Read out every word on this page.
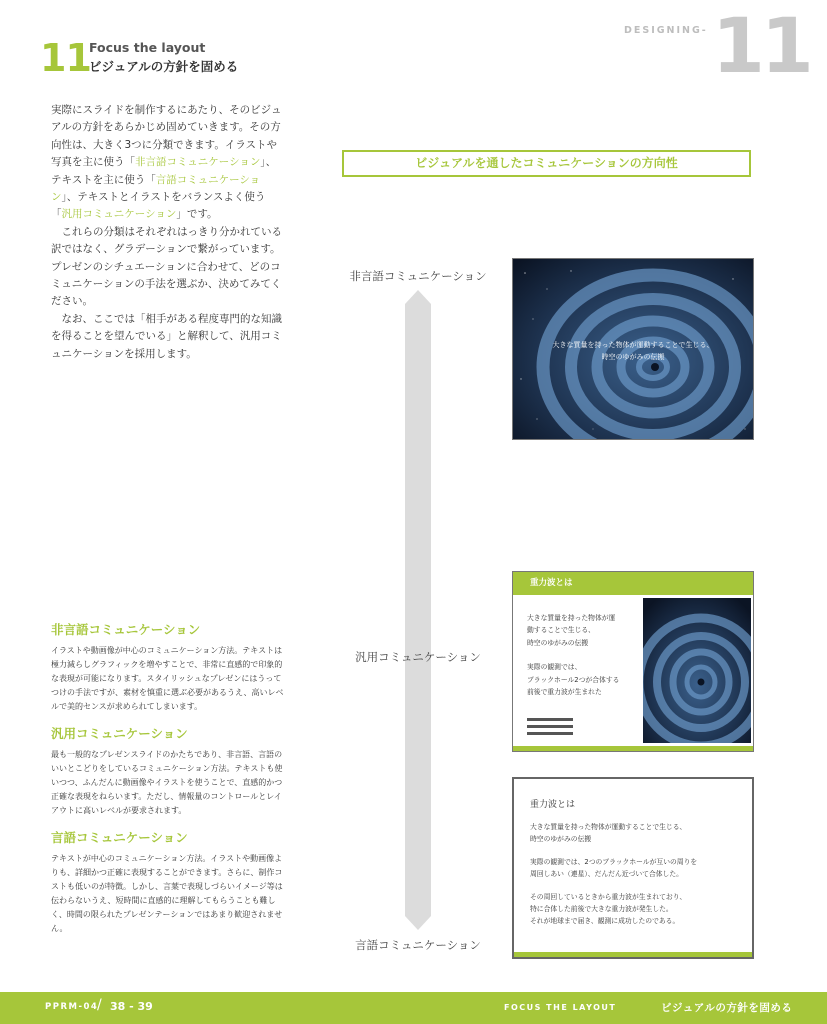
11
Focus the layout
ビジュアルの方針を固める
DESIGNING- 11

実際にスライドを制作するにあたり、そのビジュアルの方針をあらかじめ固めていきます。その方向性は、大きく3つに分類できます。イラストや写真を主に使う「非言語コミュニケーション」、テキストを主に使う「言語コミュニケーション」、テキストとイラストをバランスよく使う「汎用コミュニケーション」です。

これらの分類はそれぞれはっきり分かれている訳ではなく、グラデーションで繋がっています。プレゼンのシチュエーションに合わせて、どのコミュニケーションの手法を選ぶか、決めてみてください。

なお、ここでは「相手がある程度専門的な知識を得ることを望んでいる」と解釈して、汎用コミュニケーションを採用します。

非言語コミュニケーション
イラストや動画像が中心のコミュニケーション方法。テキストは極力減らしグラフィックを増やすことで、非常に直感的で印象的な表現が可能になります。スタイリッシュなプレゼンにはうってつけの手法ですが、素材を慎重に選ぶ必要があるうえ、高いレベルで美的センスが求められてしまいます。
汎用コミュニケーション
最も一般的なプレゼンスライドのかたちであり、非言語、言語のいいとこどりをしているコミュニケーション方法。テキストも使いつつ、ふんだんに動画像やイラストを使うことで、直感的かつ正確な表現をねらいます。ただし、情報量のコントロールとレイアウトに高いレベルが要求されます。
言語コミュニケーション
テキストが中心のコミュニケーション方法。イラストや動画像よりも、詳細かつ正確に表現することができます。さらに、制作コストも低いのが特徴。しかし、言葉で表現しづらいイメージ等は伝わらないうえ、短時間に直感的に理解してもらうことも難しく、時間の限られたプレゼンテーションではあまり歓迎されません。
ビジュアルを通したコミュニケーションの方向性
非言語コミュニケーション
汎用コミュニケーション
言語コミュニケーション
大きな質量を持った物体が運動することで生じる、
時空のゆがみの伝搬
重力波とは
大きな質量を持った物体が運
動することで生じる、
時空のゆがみの伝搬
実際の観測では、
ブラックホール2つが合体する
前後で重力波が生まれた
重力波とは
大きな質量を持った物体が運動することで生じる、
時空のゆがみの伝搬
実際の観測では、2つのブラックホールが互いの周りを
周回しあい（連星）、だんだん近づいて合体した。
その周回しているときから重力波が生まれており、
特に合体した前後で大きな重力波が発生した。
それが地球まで届き、観測に成功したのである。
PPRM-04
/ 38 - 39	FOCUS THE LAYOUT	ビジュアルの方針を固める
